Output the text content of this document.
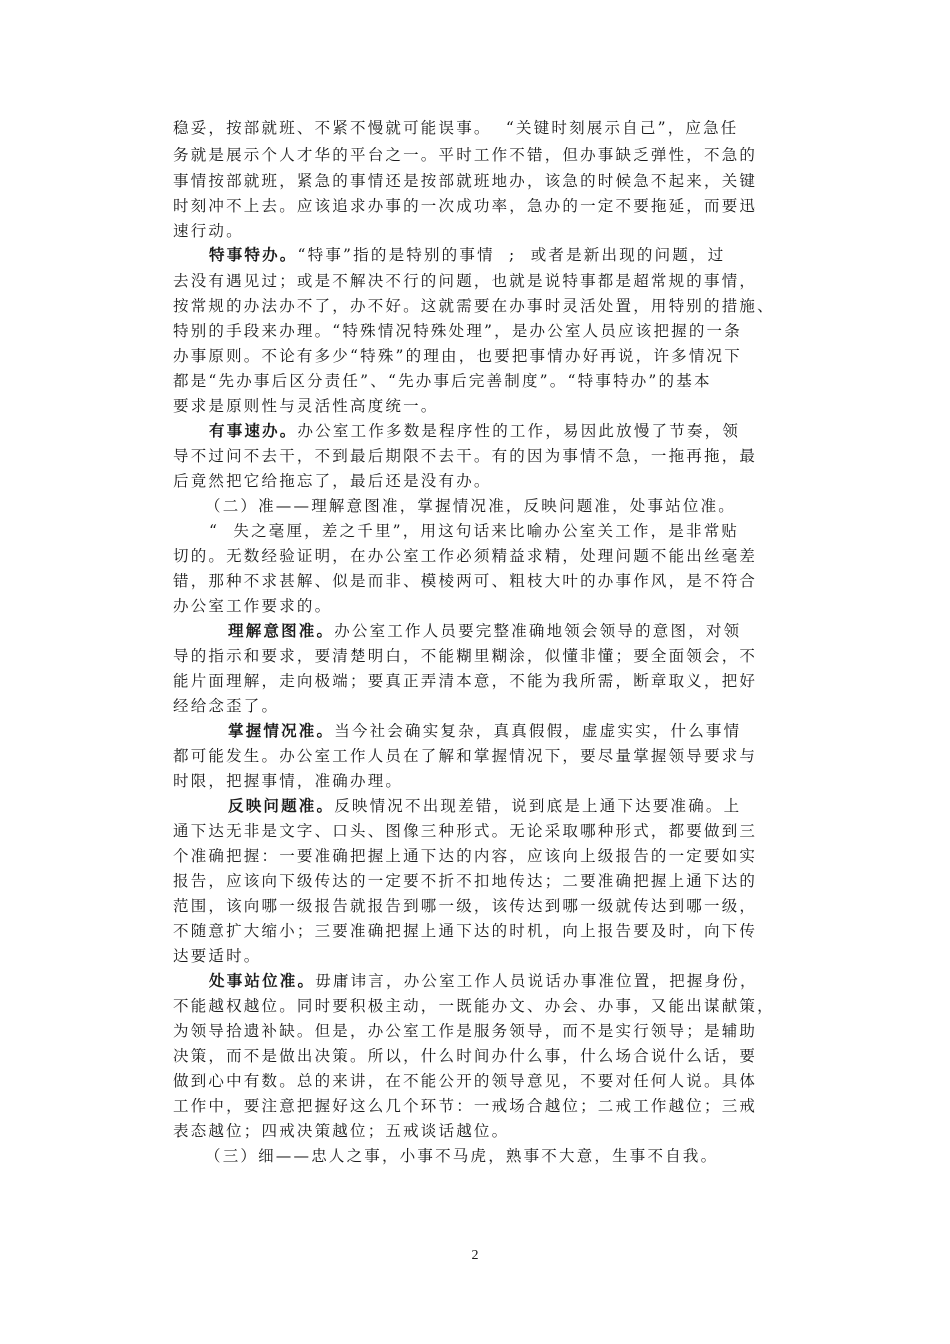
稳妥，按部就班、不紧不慢就可能误事。  “关键时刻展示自己”，应急任
务就是展示个人才华的平台之一。平时工作不错，但办事缺乏弹性，不急的
事情按部就班，紧急的事情还是按部就班地办，该急的时候急不起来，关键
时刻冲不上去。应该追求办事的一次成功率，急办的一定不要拖延，而要迅
速行动。
特事特办。“特事”指的是特别的事情  ;  或者是新出现的问题，过
去没有遇见过；或是不解决不行的问题，也就是说特事都是超常规的事情，
按常规的办法办不了，办不好。这就需要在办事时灵活处置，用特别的措施、
特别的手段来办理。“特殊情况特殊处理”，是办公室人员应该把握的一条
办事原则。不论有多少“特殊”的理由，也要把事情办好再说，许多情况下
都是“先办事后区分责任”、“先办事后完善制度”。“特事特办”的基本
要求是原则性与灵活性高度统一。
有事速办。办公室工作多数是程序性的工作，易因此放慢了节奏，领
导不过问不去干，不到最后期限不去干。有的因为事情不急，一拖再拖，最
后竟然把它给拖忘了，最后还是没有办。
（二）准——理解意图准，掌握情况准，反映问题准，处事站位准。
“  失之毫厘，差之千里”，用这句话来比喻办公室关工作，是非常贴
切的。无数经验证明，在办公室工作必须精益求精，处理问题不能出丝毫差
错，那种不求甚解、似是而非、模棱两可、粗枝大叶的办事作风，是不符合
办公室工作要求的。
理解意图准。办公室工作人员要完整准确地领会领导的意图，对领
导的指示和要求，要清楚明白，不能糊里糊涂，似懂非懂；要全面领会，不
能片面理解，走向极端；要真正弄清本意，不能为我所需，断章取义，把好
经给念歪了。
掌握情况准。当今社会确实复杂，真真假假，虚虚实实，什么事情
都可能发生。办公室工作人员在了解和掌握情况下，要尽量掌握领导要求与
时限，把握事情，准确办理。
反映问题准。反映情况不出现差错，说到底是上通下达要准确。上
通下达无非是文字、口头、图像三种形式。无论采取哪种形式，都要做到三
个准确把握：一要准确把握上通下达的内容，应该向上级报告的一定要如实
报告，应该向下级传达的一定要不折不扣地传达；二要准确把握上通下达的
范围，该向哪一级报告就报告到哪一级，该传达到哪一级就传达到哪一级，
不随意扩大缩小；三要准确把握上通下达的时机，向上报告要及时，向下传
达要适时。
处事站位准。毋庸讳言，办公室工作人员说话办事准位置，把握身份，
不能越权越位。同时要积极主动，一既能办文、办会、办事，又能出谋献策，
为领导拾遗补缺。但是，办公室工作是服务领导，而不是实行领导；是辅助
决策，而不是做出决策。所以，什么时间办什么事，什么场合说什么话，要
做到心中有数。总的来讲，在不能公开的领导意见，不要对任何人说。具体
工作中，要注意把握好这么几个环节：一戒场合越位；二戒工作越位；三戒
表态越位；四戒决策越位；五戒谈话越位。
（三）细——忠人之事，小事不马虎，熟事不大意，生事不自我。
2
